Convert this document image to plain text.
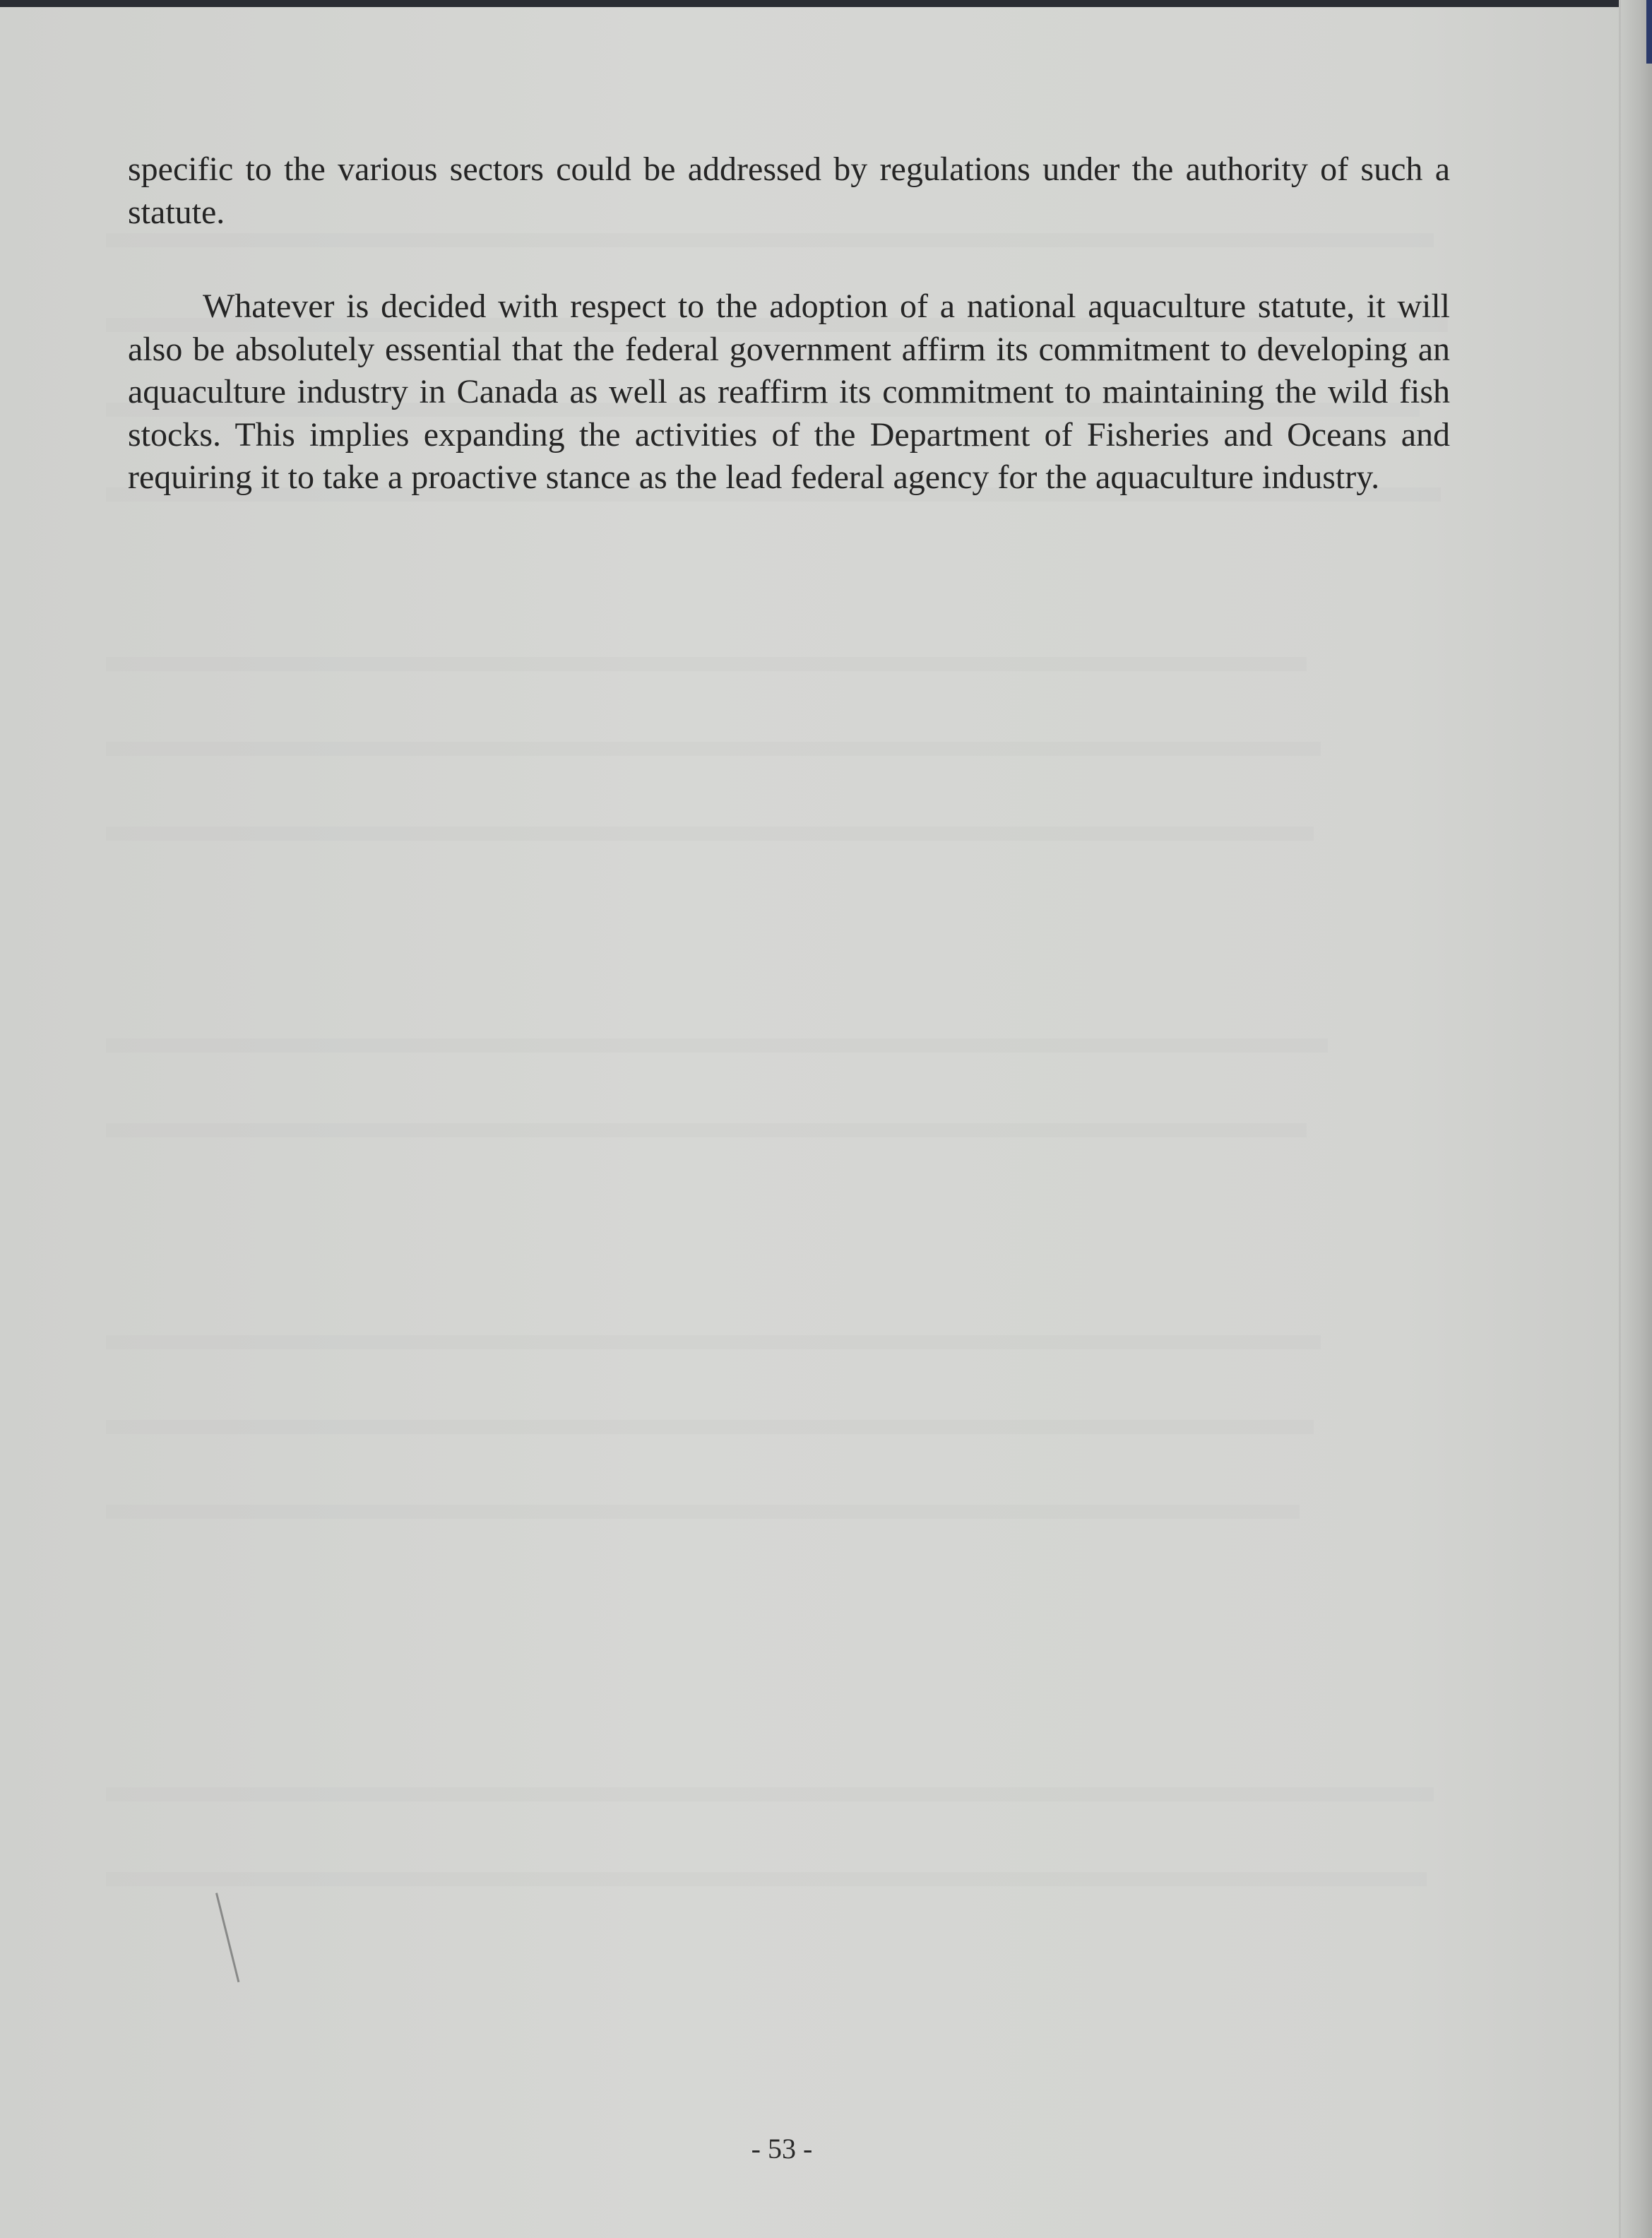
specific to the various sectors could be addressed by regulations under the authority of such a statute.

Whatever is decided with respect to the adoption of a national aquaculture statute, it will also be absolutely essential that the federal government affirm its commitment to developing an aquaculture industry in Canada as well as reaffirm its commitment to maintaining the wild fish stocks. This implies expanding the activities of the Department of Fisheries and Oceans and requiring it to take a proactive stance as the lead federal agency for the aquaculture industry.

- 53 -
